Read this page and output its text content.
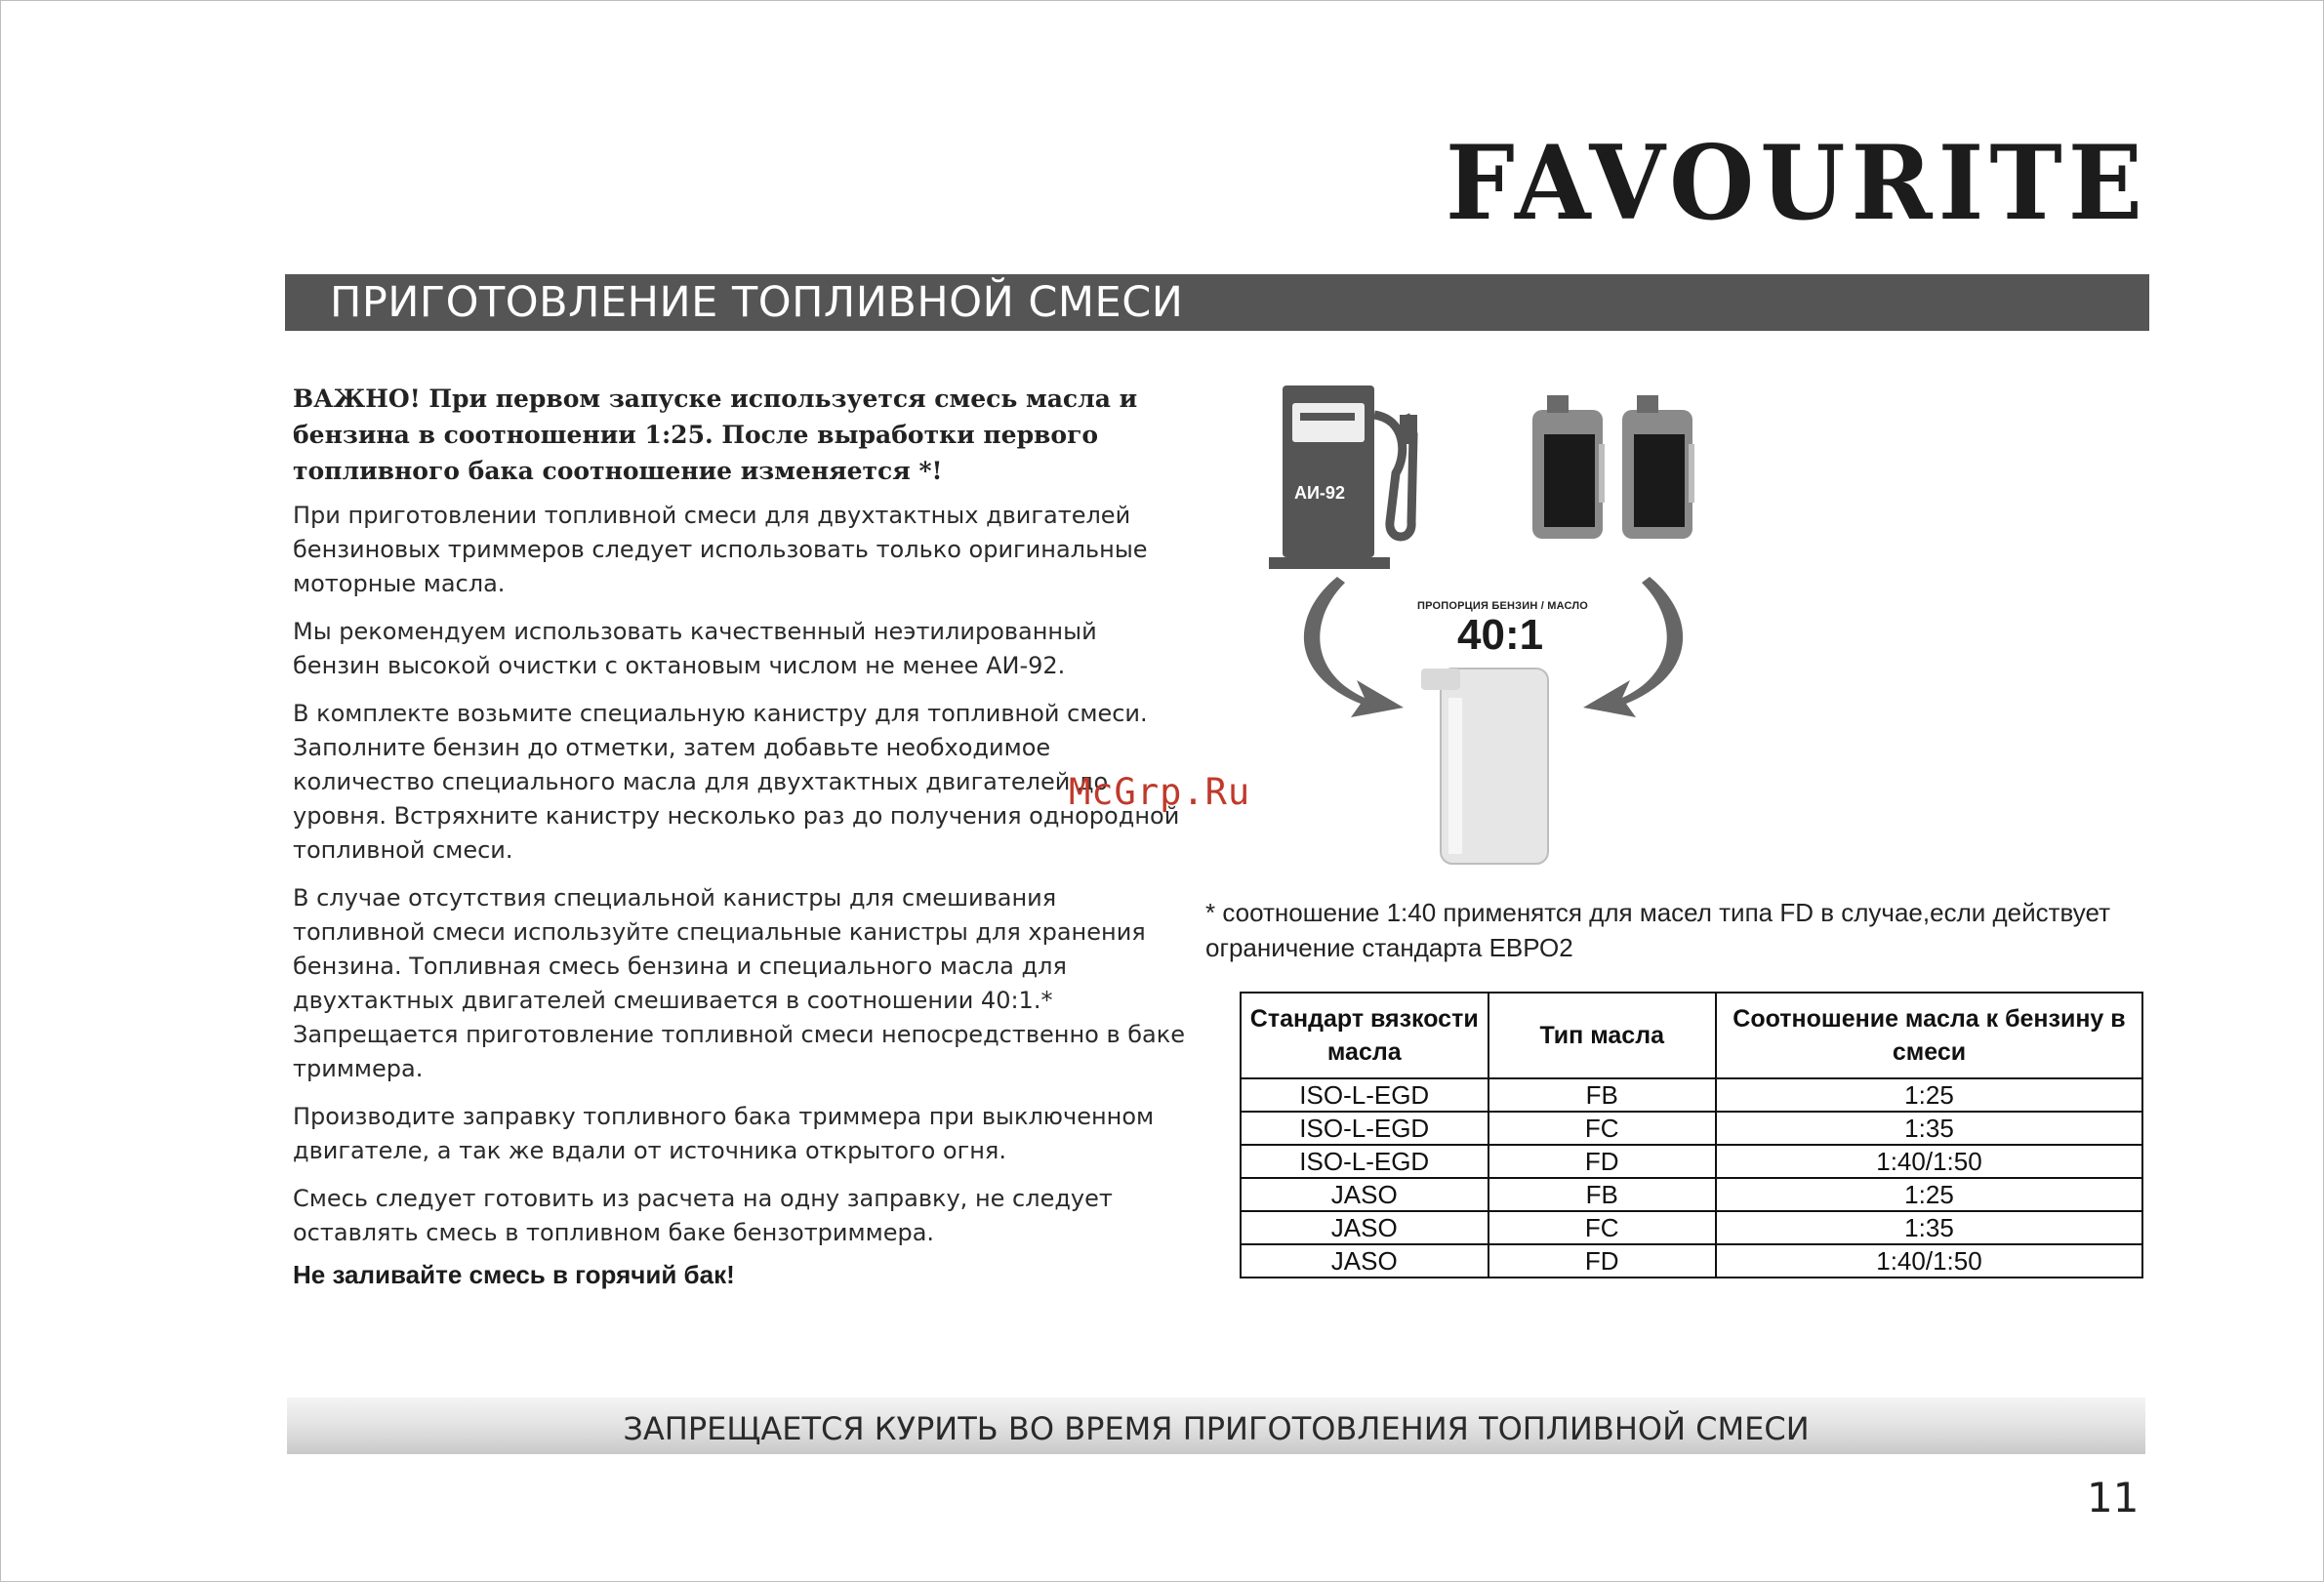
FAVOURITE
ПРИГОТОВЛЕНИЕ ТОПЛИВНОЙ СМЕСИ

ВАЖНО! При первом запуске используется смесь масла и бензина в соотношении 1:25. После выработки первого топливного бака соотношение изменяется *!

При приготовлении топливной смеси для двухтактных двигателей бензиновых триммеров следует использовать только оригинальные моторные масла.

Мы рекомендуем использовать качественный неэтилированный бензин высокой очистки с октановым числом не менее АИ-92.

В комплекте возьмите специальную канистру для топливной смеси. Заполните бензин до отметки, затем добавьте необходимое количество специального масла для двухтактных двигателей до уровня. Встряхните канистру несколько раз до получения однородной топливной смеси.

В случае отсутствия специальной канистры для смешивания топливной смеси используйте специальные канистры для хранения бензина. Топливная смесь бензина и специального масла для двухтактных двигателей смешивается в соотношении 40:1.* Запрещается приготовление топливной смеси непосредственно в баке триммера.

Производите заправку топливного бака триммера при выключенном двигателе, а так же вдали от источника открытого огня.

Смесь следует готовить из расчета на одну заправку, не следует оставлять смесь в топливном баке бензотриммера.

Не заливайте смесь в горячий бак!
McGrp.Ru
АИ-92
ПРОПОРЦИЯ БЕНЗИН / МАСЛО
40:1
* соотношение 1:40 применятся для масел типа FD в случае,если действует ограничение стандарта ЕВРО2
Стандарт вязкости масла	Тип масла	Соотношение масла к бензину в смеси
ISO-L-EGD	FB	1:25
ISO-L-EGD	FC	1:35
ISO-L-EGD	FD	1:40/1:50
JASO	FB	1:25
JASO	FC	1:35
JASO	FD	1:40/1:50
ЗАПРЕЩАЕТСЯ КУРИТЬ ВО ВРЕМЯ ПРИГОТОВЛЕНИЯ ТОПЛИВНОЙ СМЕСИ
11
